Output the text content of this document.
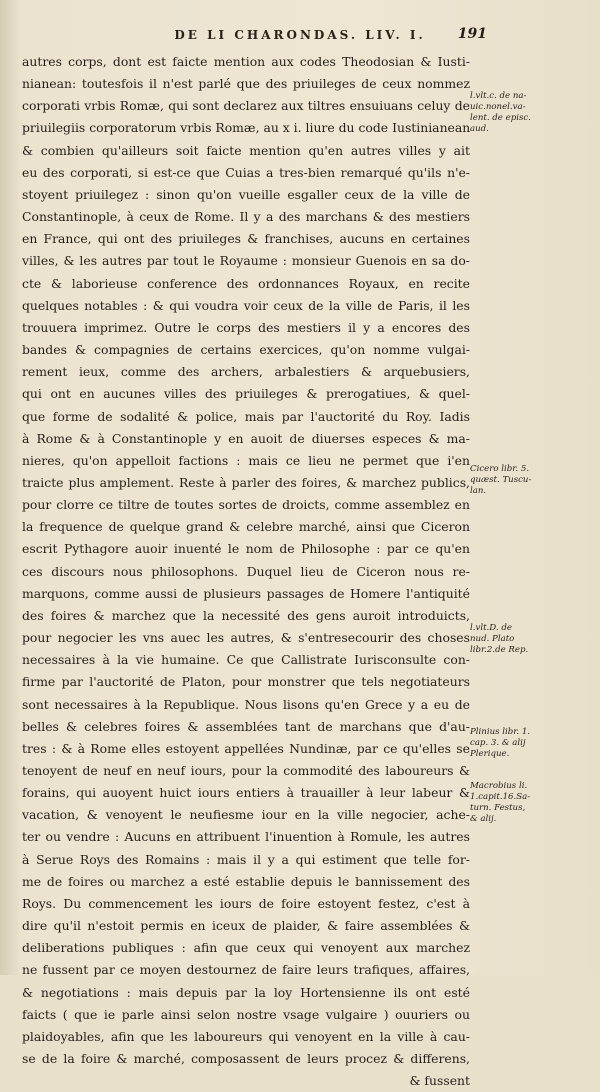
DE LI CHARONDAS. LIV. I.	191
autres corps, dont est faicte mention aux codes Theodosian & Iusti-
nianean: toutesfois il n'est parlé que des priuileges de ceux nommez
corporati vrbis Romæ, qui sont declarez aux tiltres ensuiuans celuy de
priuilegiis corporatorum vrbis Romæ, au x i. liure du code Iustinianean
& combien qu'ailleurs soit faicte mention qu'en autres villes y ait
eu des corporati, si est-ce que Cuias a tres-bien remarqué qu'ils n'e-
stoyent priuilegez : sinon qu'on vueille esgaller ceux de la ville de
Constantinople, à ceux de Rome. Il y a des marchans & des mestiers
en France, qui ont des priuileges & franchises, aucuns en certaines
villes, & les autres par tout le Royaume : monsieur Guenois en sa do-
cte & laborieuse conference des ordonnances Royaux, en recite
quelques notables : & qui voudra voir ceux de la ville de Paris, il les
trouuera imprimez. Outre le corps des mestiers il y a encores des
bandes & compagnies de certains exercices, qu'on nomme vulgai-
rement ieux, comme des archers, arbalestiers & arquebusiers,
qui ont en aucunes villes des priuileges & prerogatiues, & quel-
que forme de sodalité & police, mais par l'auctorité du Roy. Iadis
à Rome & à Constantinople y en auoit de diuerses especes & ma-
nieres, qu'on appelloit factions : mais ce lieu ne permet que i'en
traicte plus amplement. Reste à parler des foires, & marchez publics,
pour clorre ce tiltre de toutes sortes de droicts, comme assemblez en
la frequence de quelque grand & celebre marché, ainsi que Ciceron
escrit Pythagore auoir inuenté le nom de Philosophe : par ce qu'en
ces discours nous philosophons. Duquel lieu de Ciceron nous re-
marquons, comme aussi de plusieurs passages de Homere l'antiquité
des foires & marchez que la necessité des gens auroit introduicts,
pour negocier les vns auec les autres, & s'entresecourir des choses
necessaires à la vie humaine. Ce que Callistrate Iurisconsulte con-
firme par l'auctorité de Platon, pour monstrer que tels negotiateurs
sont necessaires à la Republique. Nous lisons qu'en Grece y a eu de
belles & celebres foires & assemblées tant de marchans que d'au-
tres : & à Rome elles estoyent appellées Nundinæ, par ce qu'elles se
tenoyent de neuf en neuf iours, pour la commodité des laboureurs &
forains, qui auoyent huict iours entiers à trauailler à leur labeur &
vacation, & venoyent le neufiesme iour en la ville negocier, ache-
ter ou vendre : Aucuns en attribuent l'inuention à Romule, les autres
à Serue Roys des Romains : mais il y a qui estiment que telle for-
me de foires ou marchez a esté establie depuis le bannissement des
Roys. Du commencement les iours de foire estoyent festez, c'est à
dire qu'il n'estoit permis en iceux de plaider, & faire assemblées &
deliberations publiques : afin que ceux qui venoyent aux marchez
ne fussent par ce moyen destournez de faire leurs trafiques, affaires,
& negotiations : mais depuis par la loy Hortensienne ils ont esté
faicts ( que ie parle ainsi selon nostre vsage vulgaire ) ouuriers ou
plaidoyables, afin que les laboureurs qui venoyent en la ville à cau-
se de la foire & marché, composassent de leurs procez & differens,
& fussent
l.vlt.c. de na-
uic.nonel.va-
lent. de episc.
aud.
Cicero libr. 5.
quæst. Tuscu-
lan.
l.vlt.D. de
nud. Plato
libr.2.de Rep.
Plinius libr. 1.
cap. 3. & alij
Plerique.
Macrobius li.
1.capit.16.Sa-
turn. Festus,
& alij.
